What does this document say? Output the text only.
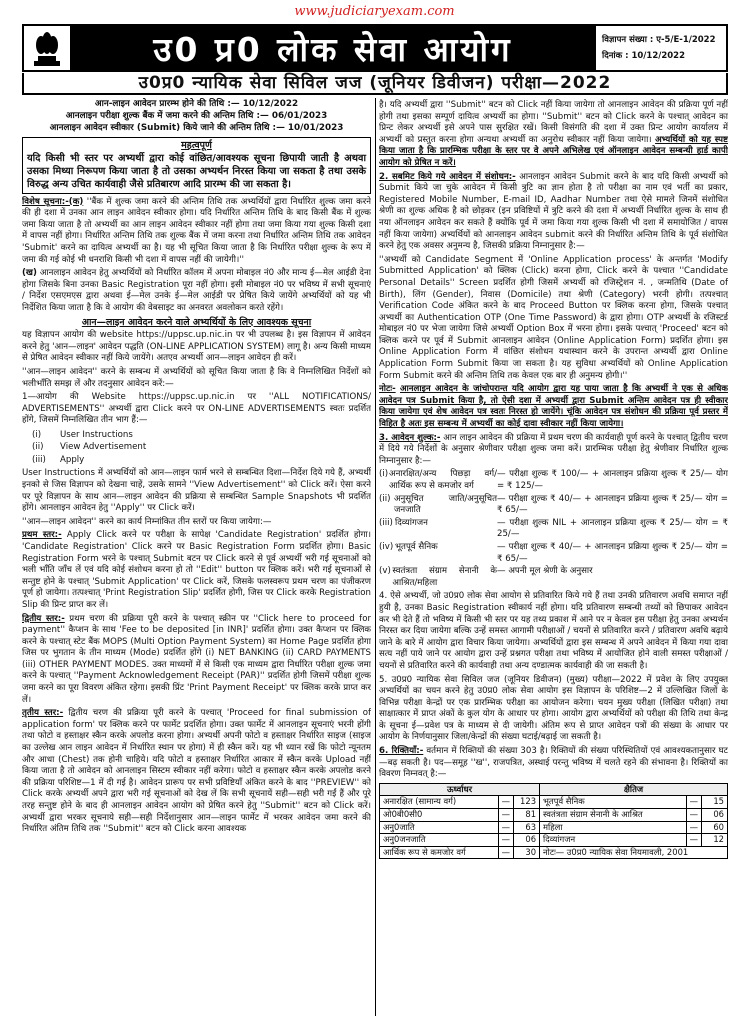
www.judiciaryexam.com
उ0 प्र0 लोक सेवा आयोग	विज्ञापन संख्या : ए-5/E-1/2022
दिनांक : 10/12/2022
उ0प्र0 न्यायिक सेवा सिविल जज (जूनियर डिवीजन) परीक्षा—2022
आन-लाइन आवेदन प्रारम्भ होने की तिथि :— 10/12/2022
आनलाइन परीक्षा शुल्क बैंक में जमा करने की अन्तिम तिथि :— 06/01/2023
आनलाइन आवेदन स्वीकार (Submit) किये जाने की अन्तिम तिथि :— 10/01/2023
महत्वपूर्ण
यदि किसी भी स्तर पर अभ्यर्थी द्वारा कोई वांछित/आवश्यक सूचना छिपायी जाती है अथवा उसका मिथ्या निरूपण किया जाता है तो उसका अभ्यर्थन निरस्त किया जा सकता है तथा उसके विरुद्ध अन्य उचित कार्यवाही जैसे प्रतिबारण आदि प्रारम्भ की जा सकता है।

विशेष सूचना:-(क) ''बैंक में शुल्क जमा करने की अन्तिम तिथि तक अभ्यर्थियों द्वारा निर्धारित शुल्क जमा करने की ही दशा में उनका आन लाइन आवेदन स्वीकार होगा। यदि निर्धारित अन्तिम तिथि के बाद किसी बैंक में शुल्क जमा किया जाता है तो अभ्यर्थी का आन लाइन आवेदन स्वीकार नहीं होगा तथा जमा किया गया शुल्क किसी दशा में वापस नहीं होगा। निर्धारित अन्तिम तिथि तक शुल्क बैंक में जमा करना तथा निर्धारित अन्तिम तिथि तक आवेदन 'Submit' करने का दायित्व अभ्यर्थी का है। यह भी सूचित किया जाता है कि निर्धारित परीक्षा शुल्क के रूप में जमा की गई कोई भी धनराशि किसी भी दशा में वापस नहीं की जायेगी।''

(ख) आनलाइन आवेदन हेतु अभ्यर्थियों को निर्धारित कॉलम में अपना मोबाइल नं0 और मान्य ई—मेल आईडी देना होगा जिसके बिना उनका Basic Registration पूरा नहीं होगा। इसी मोबाइल नं0 पर भविष्य में सभी सूचनाएं / निर्देश एसएमएस द्वारा अथवा ई—मेल उनके ई—मेल आईडी पर प्रेषित किये जायेंगे अभ्यर्थियों को यह भी निर्देशित किया जाता है कि वे आयोग की वेबसाइट का अनवरत अवलोकन करते रहेंगे।

आन—लाइन आवेदन करने वाले अभ्यर्थियों के लिए आवश्यक सूचना

यह विज्ञापन आयोग की website https://uppsc.up.nic.in पर भी उपलब्ध है। इस विज्ञापन में आवेदन करने हेतु 'आन—लाइन' आवेदन पद्धति (ON-LINE APPLICATION SYSTEM) लागू है। अन्य किसी माध्यम से प्रेषित आवेदन स्वीकार नहीं किये जायेंगे। अतएव अभ्यर्थी आन—लाइन आवेदन ही करें।

''आन—लाइन आवेदन'' करने के सम्बन्ध में अभ्यर्थियों को सूचित किया जाता है कि वे निम्नलिखित निर्देशों को भलीभाँति समझ लें और तदनुसार आवेदन करें:—

1—आयोग की Website https://uppsc.up.nic.in पर ''ALL NOTIFICATIONS/ ADVERTISEMENTS'' अभ्यर्थी द्वारा Click करने पर ON-LINE ADVERTISEMENTS स्वतः प्रदर्शित होंगे, जिसमें निम्नलिखित तीन भाग हैं:—

(i)	User Instructions
(ii)	View Advertisement
(iii)	Apply

User Instructions में अभ्यर्थियों को आन—लाइन फार्म भरने से सम्बन्धित दिशा—निर्देश दिये गये हैं, अभ्यर्थी इनको से जिस विज्ञापन को देखना चाहें, उसके सामने ''View Advertisement'' को Click करें। ऐसा करने पर पूरे विज्ञापन के साथ आन—लाइन आवेदन की प्रक्रिया से सम्बन्धित Sample Snapshots भी प्रदर्शित होंगे। आनलाइन आवेदन हेतु ''Apply'' पर Click करें।

''आन—लाइन आवेदन'' करने का कार्य निम्नांकित तीन स्तरों पर किया जायेगा:—

प्रथम स्तर:- Apply Click करने पर परीक्षा के सापेक्ष 'Candidate Registration' प्रदर्शित होगा। 'Candidate Registration' Click करने पर Basic Registration Form प्रदर्शित होगा। Basic Registration Form भरने के पश्चात् Submit बटन पर Click करने से पूर्व अभ्यर्थी भरी गई सूचनाओं को भली भाँति जाँच लें एवं यदि कोई संशोधन करना हो तो ''Edit'' button पर क्लिक करें। भरी गई सूचनाओं से सन्तुष्ट होने के पश्चात् 'Submit Application' पर Click करें, जिसके फलस्वरूप प्रथम चरण का पंजीकरण पूर्ण हो जायेगा। तत्पश्चात् 'Print Registration Slip' प्रदर्शित होगी, जिस पर Click करके Registration Slip की प्रिन्ट प्राप्त कर लें।

द्वितीय स्तर:- प्रथम चरण की प्रक्रिया पूरी करने के पश्चात् स्क्रीन पर ''Click here to proceed for payment'' कैप्शन के साथ 'Fee to be deposited [in INR]' प्रदर्शित होगा। उक्त कैप्शन पर क्लिक करने के पश्चात् स्टेट बैंक MOPS (Multi Option Payment System) का Home Page प्रदर्शित होगा जिस पर भुगतान के तीन माध्यम (Mode) प्रदर्शित होंगे (i) NET BANKING (ii) CARD PAYMENTS (iii) OTHER PAYMENT MODES. उक्त माध्यमों में से किसी एक माध्यम द्वारा निर्धारित परीक्षा शुल्क जमा करने के पश्चात् ''Payment Acknowledgement Receipt (PAR)'' प्रदर्शित होगी जिसमें परीक्षा शुल्क जमा करने का पूरा विवरण अंकित रहेगा। इसकी प्रिंट 'Print Payment Receipt' पर क्लिक करके प्राप्त कर लें।

तृतीय स्तर:- द्वितीय चरण की प्रक्रिया पूरी करने के पश्चात् 'Proceed for final submission of application form' पर क्लिक करने पर फार्मेट प्रदर्शित होगा। उक्त फार्मेट में आनलाइन सूचनाएं भरनी होंगी तथा फोटो व हस्ताक्षर स्कैन करके अपलोड करना होगा। अभ्यर्थी अपनी फोटो व हस्ताक्षर निर्धारित साइज (साइज का उल्लेख आन लाइन आवेदन में निर्धारित स्थान पर होगा) में ही स्कैन करें। यह भी ध्यान रखें कि फोटो न्यूनतम और आधा (Chest) तक होनी चाहिये। यदि फोटो व हस्ताक्षर निर्धारित आकार में स्कैन करके Upload नहीं किया जाता है तो आवेदन को आनलाइन सिस्टम स्वीकार नहीं करेगा। फोटो व हस्ताक्षर स्कैन करके अपलोड करने की प्रक्रिया परिशिष्ट—1 में दी गई है। आवेदन प्रारूप पर सभी प्रविष्टियाँ अंकित करने के बाद ''PREVIEW'' को Click करके अभ्यर्थी अपने द्वारा भरी गई सूचनाओं को देख लें कि सभी सूचनायें सही—सही भरी गईं हैं और पूरे तरह सन्तुष्ट होने के बाद ही आनलाइन आवेदन आयोग को प्रेषित करने हेतु ''Submit'' बटन को Click करें। अभ्यर्थी द्वारा भरकर सूचनाये सही—सही निर्देशानुसार आन—लाइन फार्मेट में भरकर आवेदन जमा करने की निर्धारित अंतिम तिथि तक ''Submit'' बटन को Click करना आवश्यक

है। यदि अभ्यर्थी द्वारा ''Submit'' बटन को Click नहीं किया जायेगा तो आनलाइन आवेदन की प्रक्रिया पूर्ण नहीं होगी तथा इसका सम्पूर्ण दायित्व अभ्यर्थी का होगा। ''Submit'' बटन को Click करने के पश्चात् आवेदन का प्रिन्ट लेकर अभ्यर्थी इसे अपने पास सुरक्षित रखें। किसी विसंगति की दशा में उक्त प्रिन्ट आयोग कार्यालय में अभ्यर्थी को प्रस्तुत करना होगा अन्यथा अभ्यर्थी का अनुरोध स्वीकार नहीं किया जायेगा। अभ्यर्थियों को यह स्पष्ट किया जाता है कि प्रारम्भिक परीक्षा के स्तर पर वे अपने अभिलेख एवं ऑनलाइन आवेदन सम्बन्धी हार्ड कापी आयोग को प्रेषित न करें।

2. सबमिट किये गये आवेदन में संशोधन:- आनलाइन आवेदन Submit करने के बाद यदि किसी अभ्यर्थी को Submit किये जा चुके आवेदन में किसी त्रुटि का ज्ञान होता है तो परीक्षा का नाम एवं भर्ती का प्रकार, Registered Mobile Number, E-mail ID, Aadhar Number तथा ऐसे मामले जिनमें संशोधित श्रेणी का शुल्क अधिक है को छोड़कर (इन प्रविष्टियों में त्रुटि करने की दशा में अभ्यर्थी निर्धारित शुल्क के साथ ही नया ऑनलाइन आवेदन कर सकते हैं क्योंकि पूर्व में जमा किया गया शुल्क किसी भी दशा में समायोजित / वापस नहीं किया जायेगा) अभ्यर्थियों को आनलाइन आवेदन submit करने की निर्धारित अन्तिम तिथि के पूर्व संशोधित करने हेतु एक अवसर अनुमन्य है, जिसकी प्रक्रिया निम्नानुसार है:—

''अभ्यर्थी को Candidate Segment में 'Online Application process' के अन्तर्गत 'Modify Submitted Application' को क्लिक (Click) करना होगा, Click करने के पश्चात ''Candidate Personal Details'' Screen प्रदर्शित होगी जिसमें अभ्यर्थी को रजिस्ट्रेशन नं. , जन्मतिथि (Date of Birth), लिंग (Gender), निवास (Domicile) तथा श्रेणी (Category) भरनी होगी। तत्पश्चात् Verification Code अंकित करने के बाद Proceed Button पर क्लिक करना होगा, जिसके पश्चात् अभ्यर्थी का Authentication OTP (One Time Password) के द्वारा होगा। OTP अभ्यर्थी के रजिस्टर्ड मोबाइल नं0 पर भेजा जायेगा जिसे अभ्यर्थी Option Box में भरना होगा। इसके पश्चात् 'Proceed' बटन को क्लिक करने पर पूर्व में Submit आनलाइन आवेदन (Online Application Form) प्रदर्शित होगा। इस Online Application Form में वांछित संशोधन यथास्थान करने के उपरान्त अभ्यर्थी द्वारा Online Application Form Submit किया जा सकता है। यह सुविधा अभ्यर्थियों को Online Application Form Submit करने की अन्तिम तिथि तक केवल एक बार ही अनुमन्य होगी।''

नोटः- आनलाइन आवेदन के जांचोपरान्त यदि आयोग द्वारा यह पाया जाता है कि अभ्यर्थी ने एक से अधिक आवेदन पत्र Submit किया है, तो ऐसी दशा में अभ्यर्थी द्वारा Submit अन्तिम आवेदन पत्र ही स्वीकार किया जायेगा एवं शेष आवेदन पत्र स्वतः निरस्त हो जायेंगे। चूंकि आवेदन पत्र संशोधन की प्रक्रिया पूर्व प्रस्तर में विहित है अतः इस सम्बन्ध में अभ्यर्थी का कोई दावा स्वीकार नहीं किया जायेगा।

3. आवेदन शुल्क:- आन लाइन आवेदन की प्रक्रिया में प्रथम चरण की कार्यवाही पूर्ण करने के पश्चात् द्वितीय चरण में दिये गये निर्देशों के अनुसार श्रेणीवार परीक्षा शुल्क जमा करें। प्रारम्भिक परीक्षा हेतु श्रेणीवार निर्धारित शुल्क निम्नानुसार है:—

(i) अनारक्षित/अन्य पिछड़ा वर्ग/ आर्थिक रूप से कमजोर वर्ग
— परीक्षा शुल्क ₹ 100/— + आनलाइन प्रक्रिया शुल्क ₹ 25/— योग = ₹ 125/—
(ii) अनुसूचित जाति/अनुसूचित जनजाति
— परीक्षा शुल्क ₹ 40/— + आनलाइन प्रक्रिया शुल्क ₹ 25/— योग = ₹ 65/—
(iii) दिव्यांगजन	— परीक्षा शुल्क NIL + आनलाइन प्रक्रिया शुल्क ₹ 25/— योग = ₹ 25/—
(iv) भूतपूर्व सैनिक	— परीक्षा शुल्क ₹ 40/— + आनलाइन प्रक्रिया शुल्क ₹ 25/— योग = ₹ 65/—
(v) स्वतंत्रता संग्राम सेनानी के आश्रित/महिला
— अपनी मूल श्रेणी के अनुसार

4. ऐसे अभ्यर्थी, जो उ0प्र0 लोक सेवा आयोग से प्रतिवारित किये गये हैं तथा उनकी प्रतिवारण अवधि समाप्त नहीं हुयी है, उनका Basic Registration स्वीकार्य नहीं होगा। यदि प्रतिवारण सम्बन्धी तथ्यों को छिपाकर आवेदन कर भी देते हैं तो भविष्य में किसी भी स्तर पर यह तथ्य प्रकाश में आने पर न केवल इस परीक्षा हेतु उनका अभ्यर्थन निरस्त कर दिया जायेगा बल्कि उन्हें समस्त आगामी परीक्षाओं / चयनों से प्रतिवारित करने / प्रतिवारण अवधि बढ़ाये जाने के बारे में आयोग द्वारा विचार किया जायेगा। अभ्यर्थियों द्वारा इस सम्बन्ध में अपने आवेदन में किया गया दावा सत्य नहीं पाये जाने पर आयोग द्वारा उन्हें प्रश्नगत परीक्षा तथा भविष्य में आयोजित होने वाली समस्त परीक्षाओं / चयनों से प्रतिवारित करने की कार्यवाही तथा अन्य दण्डात्मक कार्यवाही की जा सकती है।

5. उ0प्र0 न्यायिक सेवा सिविल जज (जूनियर डिवीजन) (मुख्य) परीक्षा—2022 में प्रवेश के लिए उपयुक्त अभ्यर्थियों का चयन करने हेतु उ0प्र0 लोक सेवा आयोग इस विज्ञापन के परिशिष्ट—2 में उल्लिखित जिलों के विभिन्न परीक्षा केन्द्रों पर एक प्रारम्भिक परीक्षा का आयोजन करेगा। चयन मुख्य परीक्षा (लिखित परीक्षा) तथा साक्षात्कार में प्राप्त अंकों के कुल योग के आधार पर होगा। आयोग द्वारा अभ्यर्थियों को परीक्षा की तिथि तथा केन्द्र के सूचना ई—प्रवेश पत्र के माध्यम से दी जायेगी। अंतिम रूप से प्राप्त आवेदन पत्रों की संख्या के आधार पर आयोग के निर्णयानुसार जिला/केन्द्रों की संख्या घटाई/बढ़ाई जा सकती है।

6. रिक्तियाँ:- वर्तमान में रिक्तियों की संख्या 303 है। रिक्तियों की संख्या परिस्थितियों एवं आवश्यकतानुसार घट—बढ़ सकती है। पद—समूह ''ख'', राजपत्रित, अस्थाई परन्तु भविष्य में चलते रहने की संभावना है। रिक्तियों का विवरण निम्नवत् है:—

ऊर्ध्वाधर			क्षैतिज		
अनारक्षित (सामान्य वर्ग)	—	123	भूतपूर्व सैनिक	—	15
ओ0बी0सी0	—	81	स्वतंत्रता संग्राम सेनानी के आश्रित	—	06
अनु0जाति	—	63	महिला	—	60
अनु0जनजाति	—	06	दिव्यांगजन	—	12
आर्थिक रूप से कमजोर वर्ग	—	30	नोटः— उ0प्र0 न्यायिक सेवा नियमावली, 2001		
